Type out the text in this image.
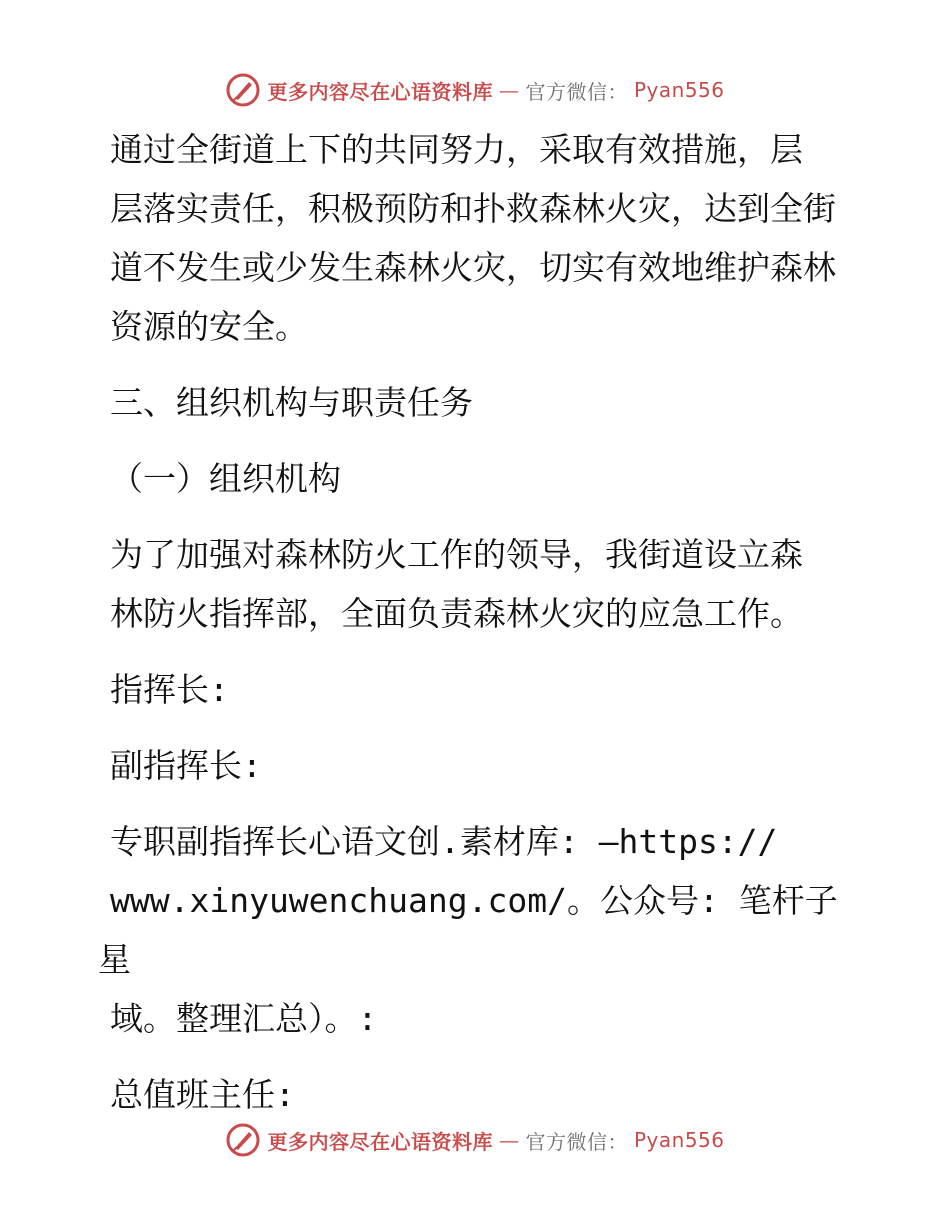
更多内容尽在心语资料库 — 官方微信： Pyan556

通过全街道上下的共同努力，采取有效措施，层
层落实责任，积极预防和扑救森林火灾，达到全街
道不发生或少发生森林火灾，切实有效地维护森林
资源的安全。

三、组织机构与职责任务

（一）组织机构

为了加强对森林防火工作的领导，我街道设立森
林防火指挥部，全面负责森林火灾的应急工作。

指挥长:

副指挥长:

专职副指挥长心语文创.素材库: —https://
www.xinyuwenchuang.com/。公众号: 笔杆子星
域。整理汇总）。:

总值班主任:

更多内容尽在心语资料库 — 官方微信： Pyan556
